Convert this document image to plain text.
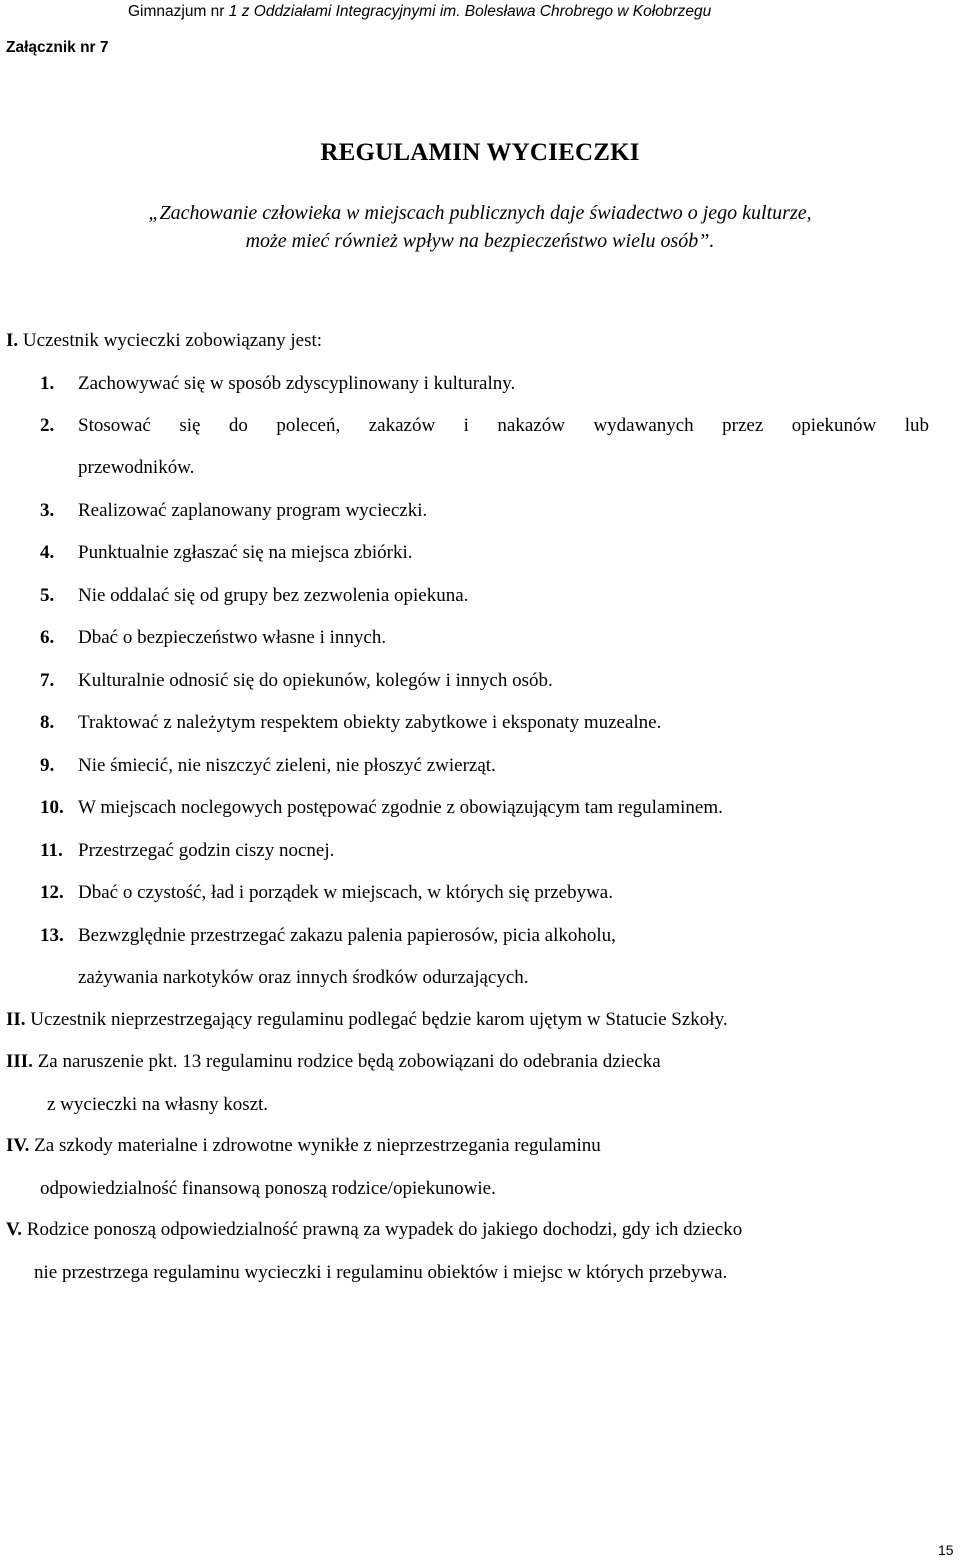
Gimnazjum nr 1 z Oddziałami Integracyjnymi im. Bolesława Chrobrego w Kołobrzegu
Załącznik nr 7
REGULAMIN WYCIECZKI
„Zachowanie człowieka w miejscach publicznych daje świadectwo o jego kulturze,
może mieć również wpływ na bezpieczeństwo wielu osób”.
I. Uczestnik wycieczki zobowiązany jest:
1. Zachowywać się w sposób zdyscyplinowany i kulturalny.
2. Stosować się do poleceń, zakazów i nakazów wydawanych przez opiekunów lub
przewodników.
3. Realizować zaplanowany program wycieczki.
4. Punktualnie zgłaszać się na miejsca zbiórki.
5. Nie oddalać się od grupy bez zezwolenia opiekuna.
6. Dbać o bezpieczeństwo własne i innych.
7. Kulturalnie odnosić się do opiekunów, kolegów i innych osób.
8. Traktować z należytym respektem obiekty zabytkowe i eksponaty muzealne.
9. Nie śmiecić, nie niszczyć zieleni, nie płoszyć zwierząt.
10. W miejscach noclegowych postępować zgodnie z obowiązującym tam regulaminem.
11. Przestrzegać godzin ciszy nocnej.
12. Dbać o czystość, ład i porządek w miejscach, w których się przebywa.
13. Bezwzględnie przestrzegać zakazu palenia papierosów, picia alkoholu,
zażywania narkotyków oraz innych środków odurzających.
II. Uczestnik nieprzestrzegający regulaminu podlegać będzie karom ujętym w Statucie Szkoły.
III. Za naruszenie pkt. 13 regulaminu rodzice będą zobowiązani do odebrania dziecka
z wycieczki na własny koszt.
IV. Za szkody materialne i zdrowotne wynikłe z nieprzestrzegania regulaminu
odpowiedzialność finansową ponoszą rodzice/opiekunowie.
V. Rodzice ponoszą odpowiedzialność prawną za wypadek do jakiego dochodzi, gdy ich dziecko
nie przestrzega regulaminu wycieczki i regulaminu obiektów i miejsc w których przebywa.
15
